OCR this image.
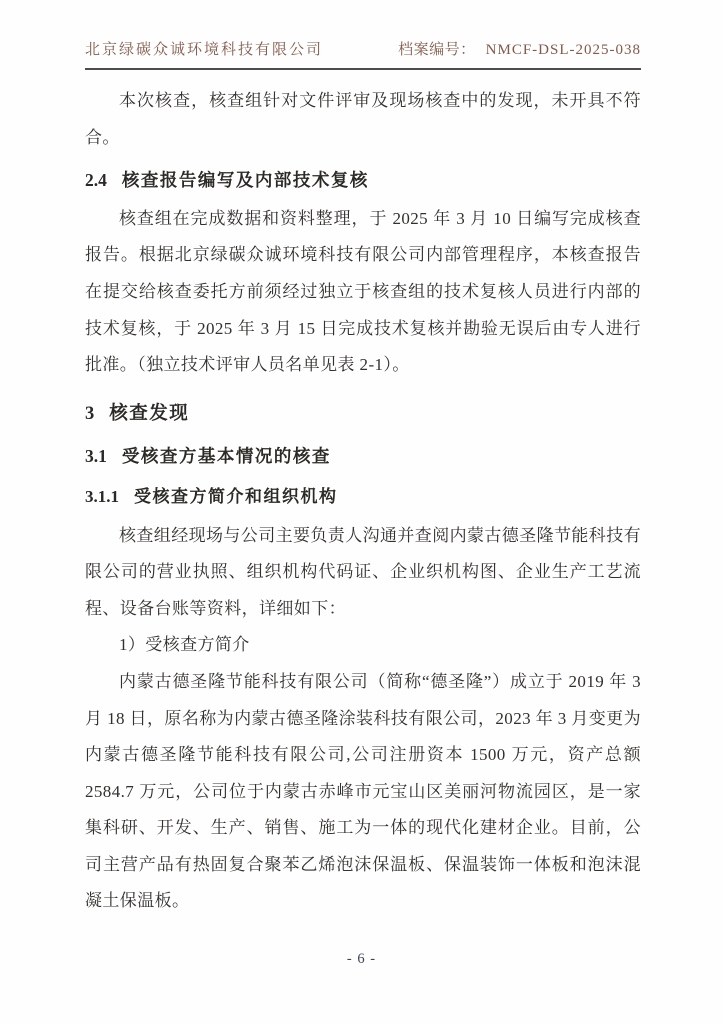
北京绿碳众诚环境科技有限公司	档案编号： NMCF-DSL-2025-038

本次核查，核查组针对文件评审及现场核查中的发现，未开具不符合。

2.4 核查报告编写及内部技术复核

核查组在完成数据和资料整理，于 2025 年 3 月 10 日编写完成核查报告。根据北京绿碳众诚环境科技有限公司内部管理程序，本核查报告在提交给核查委托方前须经过独立于核查组的技术复核人员进行内部的技术复核，于 2025 年 3 月 15 日完成技术复核并勘验无误后由专人进行批准。（独立技术评审人员名单见表 2-1）。

3 核查发现
3.1 受核查方基本情况的核查
3.1.1 受核查方简介和组织机构

核查组经现场与公司主要负责人沟通并查阅内蒙古德圣隆节能科技有限公司的营业执照、组织机构代码证、企业织机构图、企业生产工艺流程、设备台账等资料，详细如下：

1）受核查方简介

内蒙古德圣隆节能科技有限公司（简称“德圣隆”）成立于 2019 年 3 月 18 日，原名称为内蒙古德圣隆涂装科技有限公司，2023 年 3 月变更为内蒙古德圣隆节能科技有限公司,公司注册资本 1500 万元，资产总额 2584.7 万元，公司位于内蒙古赤峰市元宝山区美丽河物流园区，是一家集科研、开发、生产、销售、施工为一体的现代化建材企业。目前，公司主营产品有热固复合聚苯乙烯泡沫保温板、保温装饰一体板和泡沫混凝土保温板。

- 6 -
